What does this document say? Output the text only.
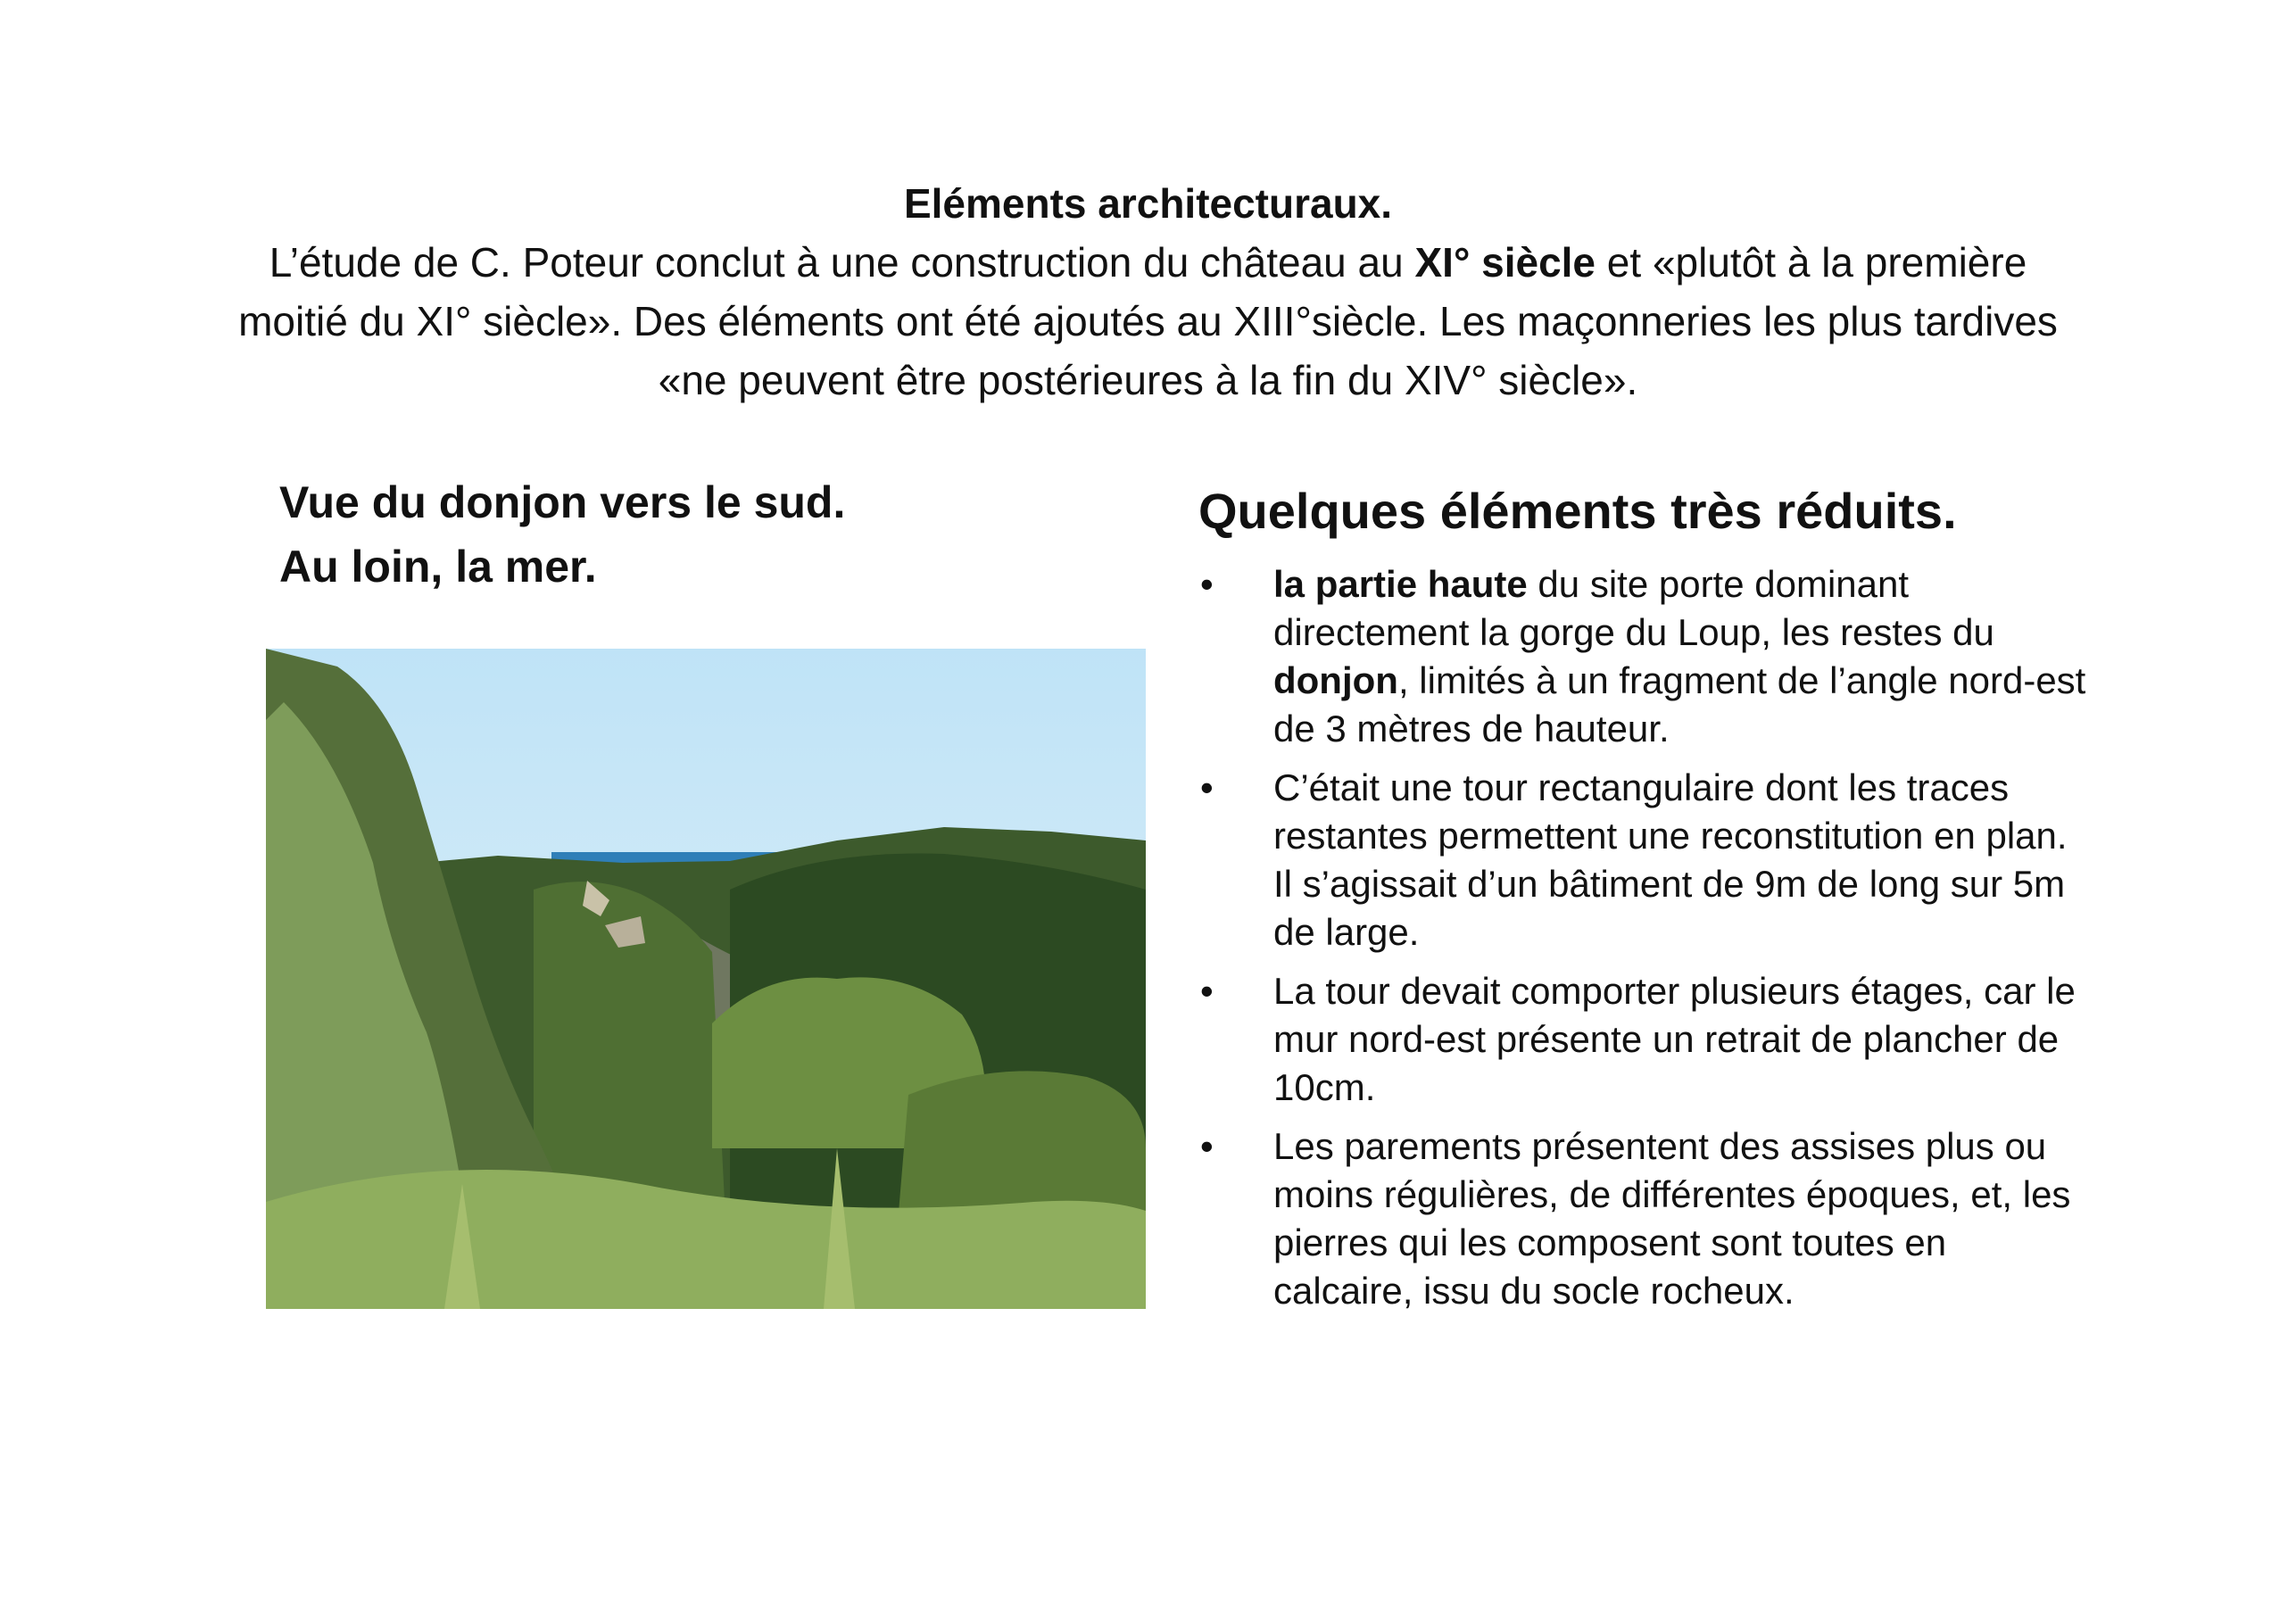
Eléments architecturaux.
L’étude de C. Poteur conclut à une construction du château au XI° siècle et «plutôt à la première moitié du XI° siècle». Des éléments ont été ajoutés au XIII°siècle. Les maçonneries les plus tardives «ne peuvent être postérieures à la fin du XIV° siècle».
Vue du donjon vers le sud.
Au loin, la mer.
Quelques éléments très réduits.
• la partie haute du site porte dominant directement la gorge du Loup, les restes du donjon, limités à un fragment de l’angle nord-est de 3 mètres de hauteur.
• C’était une tour rectangulaire dont les traces restantes permettent une reconstitution en plan. Il s’agissait d’un bâtiment de 9m de long sur 5m de large.
• La tour devait comporter plusieurs étages, car le mur nord-est présente un retrait de plancher de 10cm.
• Les parements présentent des assises plus ou moins régulières, de différentes époques, et, les pierres qui les composent sont toutes en calcaire, issu du socle rocheux.
